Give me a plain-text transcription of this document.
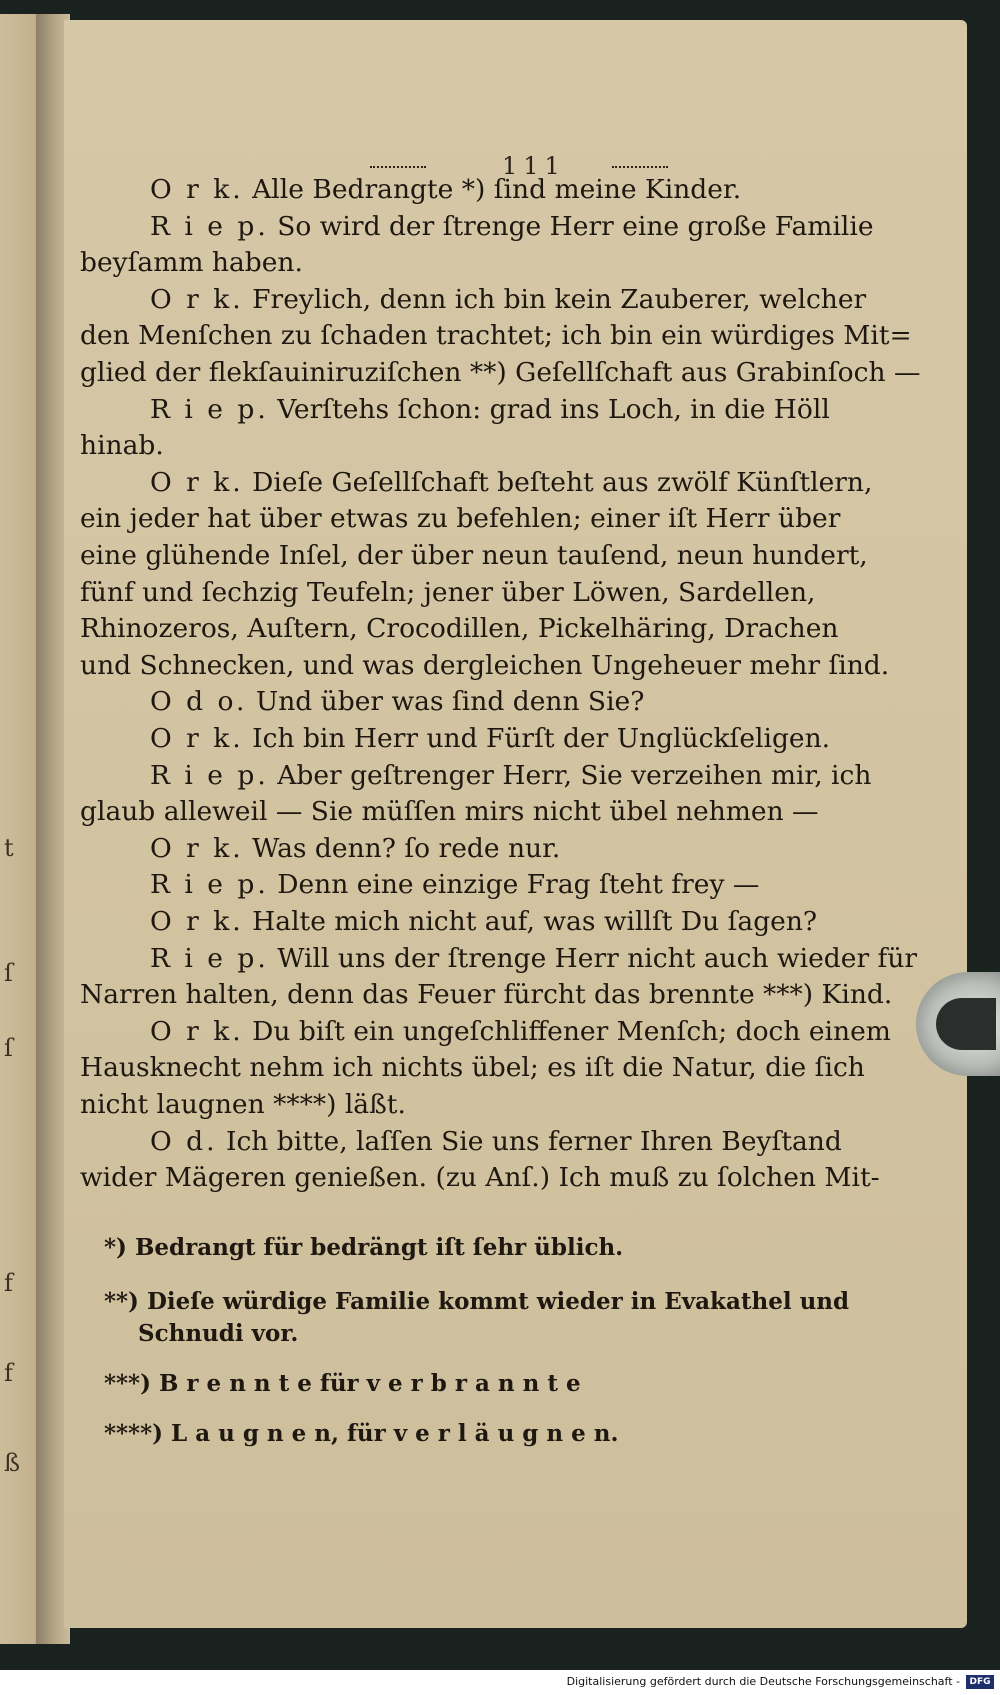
f
ſ
t
ſ
f
ß
111
O r k. Alle Bedrangte *) ſind meine Kinder.
R i e p. So wird der ſtrenge Herr eine große Familie
beyſamm haben.
O r k. Freylich, denn ich bin kein Zauberer, welcher
den Menſchen zu ſchaden trachtet; ich bin ein würdiges Mit=
glied der flekſauiniruziſchen **) Geſellſchaft aus Grabinſoch —
R i e p. Verſtehs ſchon: grad ins Loch, in die Höll
hinab.
O r k. Dieſe Geſellſchaft beſteht aus zwölf Künſtlern,
ein jeder hat über etwas zu befehlen; einer iſt Herr über
eine glühende Inſel, der über neun tauſend, neun hundert,
fünf und ſechzig Teufeln; jener über Löwen, Sardellen,
Rhinozeros, Auſtern, Crocodillen, Pickelhäring, Drachen
und Schnecken, und was dergleichen Ungeheuer mehr ſind.
O d o. Und über was ſind denn Sie?
O r k. Ich bin Herr und Fürſt der Unglückſeligen.
R i e p. Aber geſtrenger Herr, Sie verzeihen mir, ich
glaub alleweil — Sie müſſen mirs nicht übel nehmen —
O r k. Was denn? ſo rede nur.
R i e p. Denn eine einzige Frag ſteht frey —
O r k. Halte mich nicht auf, was willſt Du ſagen?
R i e p. Will uns der ſtrenge Herr nicht auch wieder für
Narren halten, denn das Feuer fürcht das brennte ***) Kind.
O r k. Du biſt ein ungeſchliffener Menſch; doch einem
Hausknecht nehm ich nichts übel; es iſt die Natur, die ſich
nicht laugnen ****) läßt.
O d. Ich bitte, laſſen Sie uns ferner Ihren Beyſtand
wider Mägeren genießen. (zu Anſ.) Ich muß zu ſolchen Mit-
*) Bedrangt für bedrängt iſt ſehr üblich.
**) Dieſe würdige Familie kommt wieder in Evakathel und
Schnudi vor.
***) B r e n n t e für v e r b r a n n t e
****) L a u g n e n, für v e r l ä u g n e n.
Digitalisierung gefördert durch die Deutsche Forschungsgemeinschaft -	DFG
